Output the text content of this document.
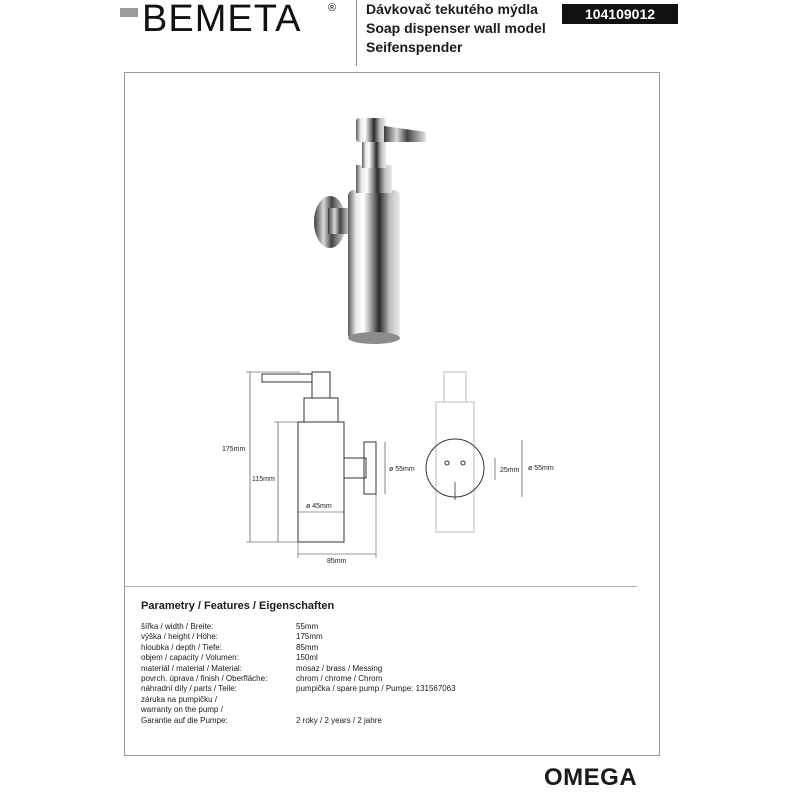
BEMETA ® Dávkovač tekutého mýdla
Soap dispenser wall model
Seifenspender
104109012
175mm
115mm
ø 45mm
85mm
ø 55mm	25mm ø 55mm
Parametry / Features / Eigenschaften
šířka / width / Breite:	55mm
výška / height / Höhe:	175mm
hloubka / depth / Tiefe:	85mm
objem / capacity / Volumen:	150ml
materiál / material / Material:	mosaz / brass / Messing
povrch. úprava / finish / Oberfläche:	chrom / chrome / Chrom
náhradní díly / parts / Teile:	pumpička / spare pump / Pumpe: 131567063
záruka na pumpičku /
warranty on the pump /
Garantie auf die Pumpe:	2 roky / 2 years / 2 jahre
OMEGA
